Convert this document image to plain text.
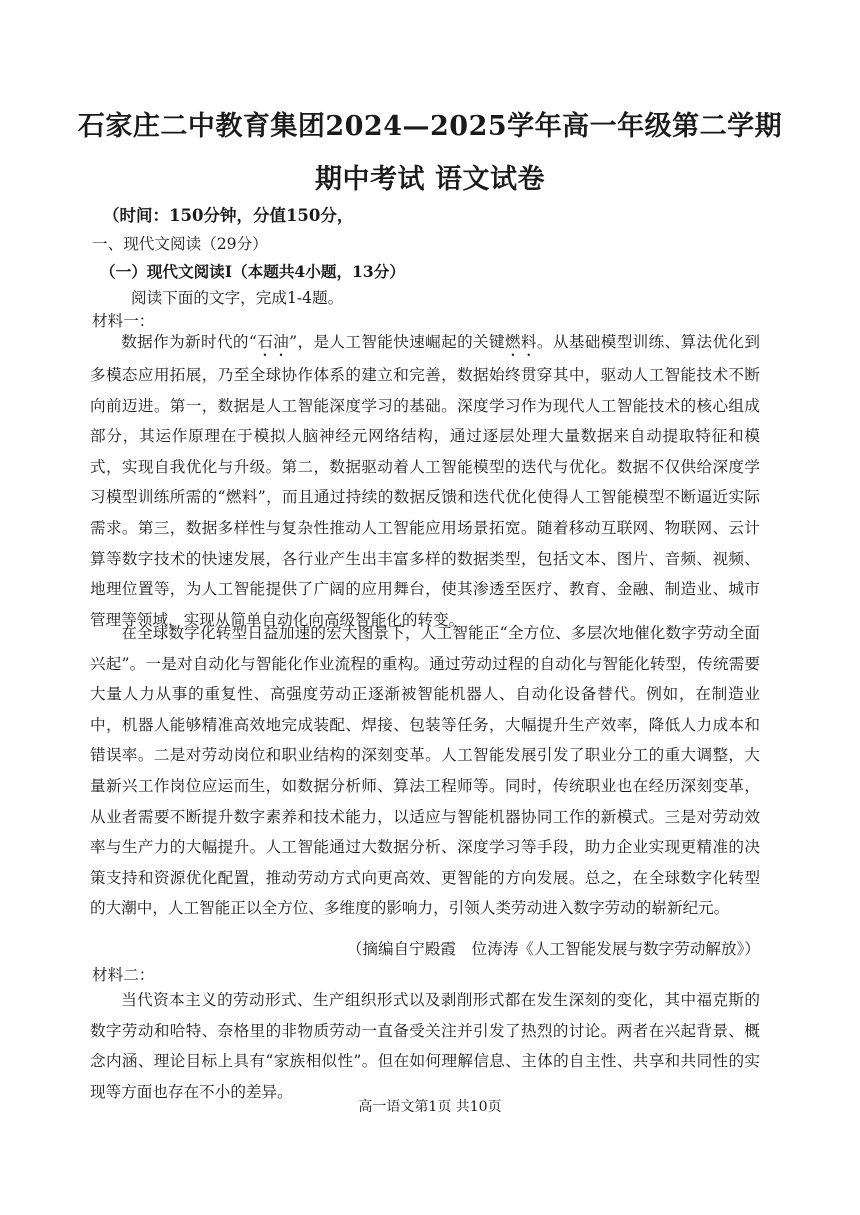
石家庄二中教育集团2024—2025学年高一年级第二学期
期中考试 语文试卷
（时间：150分钟，分值150分，
一、现代文阅读（29分）
（一）现代文阅读Ⅰ（本题共4小题，13分）
阅读下面的文字，完成1-4题。
材料一：
数据作为新时代的“石油”，是人工智能快速崛起的关键燃料。从基础模型训练、算法优化到多模态应用拓展，乃至全球协作体系的建立和完善，数据始终贯穿其中，驱动人工智能技术不断向前迈进。第一，数据是人工智能深度学习的基础。深度学习作为现代人工智能技术的核心组成部分，其运作原理在于模拟人脑神经元网络结构，通过逐层处理大量数据来自动提取特征和模式，实现自我优化与升级。第二，数据驱动着人工智能模型的迭代与优化。数据不仅供给深度学习模型训练所需的“燃料”，而且通过持续的数据反馈和迭代优化使得人工智能模型不断逼近实际需求。第三，数据多样性与复杂性推动人工智能应用场景拓宽。随着移动互联网、物联网、云计算等数字技术的快速发展，各行业产生出丰富多样的数据类型，包括文本、图片、音频、视频、地理位置等，为人工智能提供了广阔的应用舞台，使其渗透至医疗、教育、金融、制造业、城市管理等领域，实现从简单自动化向高级智能化的转变。
在全球数字化转型日益加速的宏大图景下，人工智能正“全方位、多层次地催化数字劳动全面兴起”。一是对自动化与智能化作业流程的重构。通过劳动过程的自动化与智能化转型，传统需要大量人力从事的重复性、高强度劳动正逐渐被智能机器人、自动化设备替代。例如，在制造业中，机器人能够精准高效地完成装配、焊接、包装等任务，大幅提升生产效率，降低人力成本和错误率。二是对劳动岗位和职业结构的深刻变革。人工智能发展引发了职业分工的重大调整，大量新兴工作岗位应运而生，如数据分析师、算法工程师等。同时，传统职业也在经历深刻变革，从业者需要不断提升数字素养和技术能力，以适应与智能机器协同工作的新模式。三是对劳动效率与生产力的大幅提升。人工智能通过大数据分析、深度学习等手段，助力企业实现更精准的决策支持和资源优化配置，推动劳动方式向更高效、更智能的方向发展。总之，在全球数字化转型的大潮中，人工智能正以全方位、多维度的影响力，引领人类劳动进入数字劳动的崭新纪元。
（摘编自宁殿霞　位涛涛《人工智能发展与数字劳动解放》）
材料二：
当代资本主义的劳动形式、生产组织形式以及剥削形式都在发生深刻的变化，其中福克斯的数字劳动和哈特、奈格里的非物质劳动一直备受关注并引发了热烈的讨论。两者在兴起背景、概念内涵、理论目标上具有“家族相似性”。但在如何理解信息、主体的自主性、共享和共同性的实现等方面也存在不小的差异。
高一语文第1页 共10页
